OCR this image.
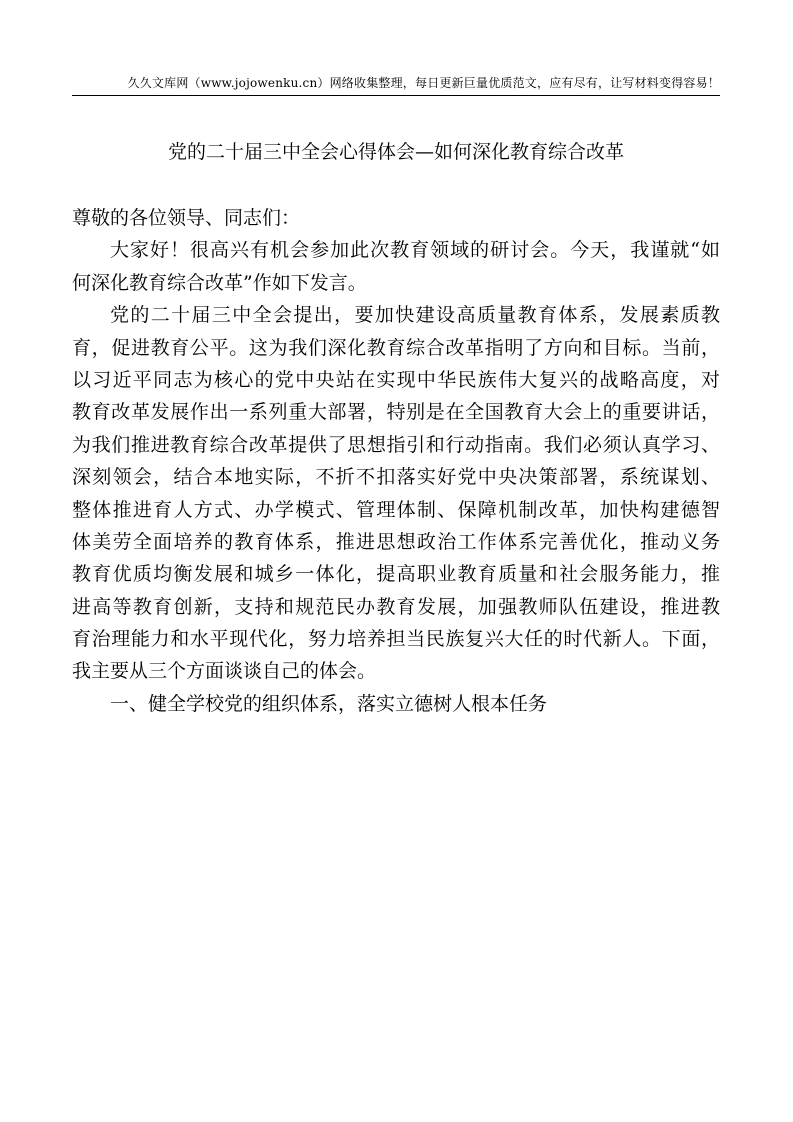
久久文库网（www.jojowenku.cn）网络收集整理，每日更新巨量优质范文，应有尽有，让写材料变得容易！
党的二十届三中全会心得体会—如何深化教育综合改革
尊敬的各位领导、同志们：
大家好！很高兴有机会参加此次教育领域的研讨会。今天，我谨就“如
何深化教育综合改革”作如下发言。
党的二十届三中全会提出，要加快建设高质量教育体系，发展素质教
育，促进教育公平。这为我们深化教育综合改革指明了方向和目标。当前，
以习近平同志为核心的党中央站在实现中华民族伟大复兴的战略高度，对
教育改革发展作出一系列重大部署，特别是在全国教育大会上的重要讲话，
为我们推进教育综合改革提供了思想指引和行动指南。我们必须认真学习、
深刻领会，结合本地实际，不折不扣落实好党中央决策部署，系统谋划、
整体推进育人方式、办学模式、管理体制、保障机制改革，加快构建德智
体美劳全面培养的教育体系，推进思想政治工作体系完善优化，推动义务
教育优质均衡发展和城乡一体化，提高职业教育质量和社会服务能力，推
进高等教育创新，支持和规范民办教育发展，加强教师队伍建设，推进教
育治理能力和水平现代化，努力培养担当民族复兴大任的时代新人。下面，
我主要从三个方面谈谈自己的体会。
一、健全学校党的组织体系，落实立德树人根本任务
